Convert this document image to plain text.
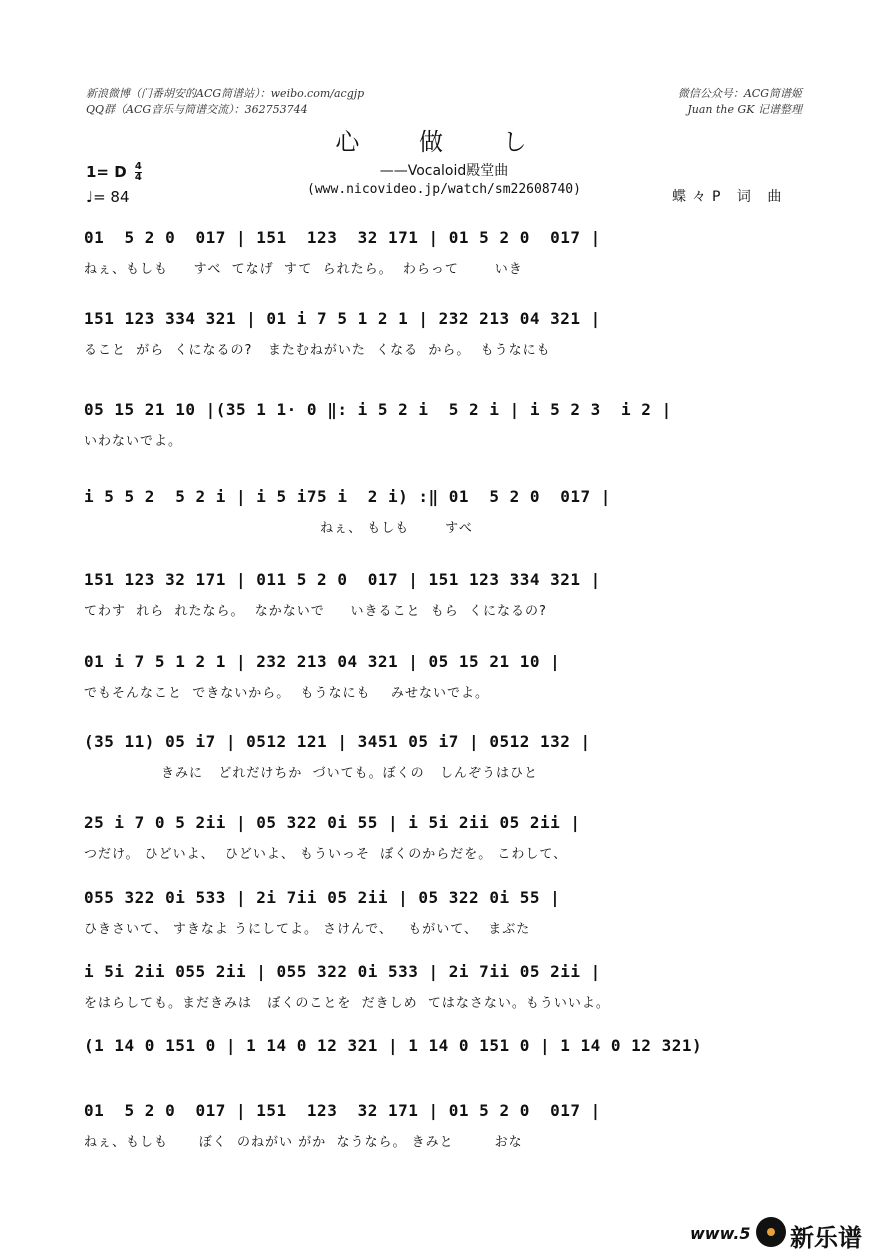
新浪微博（门番胡安的ACG简谱站）：weibo.com/acgjp
QQ群（ACG音乐与简谱交流）：362753744
微信公众号：ACG简谱姬
Juan the GK 记谱整理
心 做 し
——Vocaloid殿堂曲
(www.nicovideo.jp/watch/sm22608740)
1= D $\frac{4}{4}$
♩= 84	蝶々P 词 曲
01  5 2 0  017 | 151  123  32 171 | 01 5 2 0  017 |
ねぇ、もしも     すべ  てなげ  すて  られたら。  わらって       いき
151 123 334 321 | 01 i 7 5 1 2 1 | 232 213 04 321 |
ること  がら  くになるの?   またむねがいた  くなる  から。  もうなにも
05 15 21 10 |(35 1 1· 0 ‖: i 5 2 i  5 2 i | i 5 2 3  i 2 |
いわないでよ。
i 5 5 2  5 2 i | i 5 i75 i  2 i) :‖ 01  5 2 0  017 |
ねぇ、 もしも       すべ
151 123 32 171 | 011 5 2 0  017 | 151 123 334 321 |
てわす  れら  れたなら。  なかないで     いきること  もら  くになるの?
01 i 7 5 1 2 1 | 232 213 04 321 | 05 15 21 10 |
でもそんなこと  できないから。  もうなにも    みせないでよ。
(35 11) 05 i7 | 0512 121 | 3451 05 i7 | 0512 132 |
きみに   どれだけちか  づいても。ぼくの   しんぞうはひと
25 i 7 0 5 2ii | 05 322 0i 55 | i 5i 2ii 05 2ii |
つだけ。 ひどいよ、  ひどいよ、 もういっそ  ぼくのからだを。 こわして、
055 322 0i 533 | 2i 7ii 05 2ii | 05 322 0i 55 |
ひきさいて、 すきなよ うにしてよ。 さけんで、   もがいて、  まぶた
i 5i 2ii 055 2ii | 055 322 0i 533 | 2i 7ii 05 2ii |
をはらしても。まだきみは   ぼくのことを  だきしめ  てはなさない。もういいよ。
(1 14 0 151 0 | 1 14 0 12 321 | 1 14 0 151 0 | 1 14 0 12 321)
01  5 2 0  017 | 151  123  32 171 | 01 5 2 0  017 |
ねぇ、もしも      ぼく  のねがい がか  なうなら。 きみと        おな
www.5 新乐谱
